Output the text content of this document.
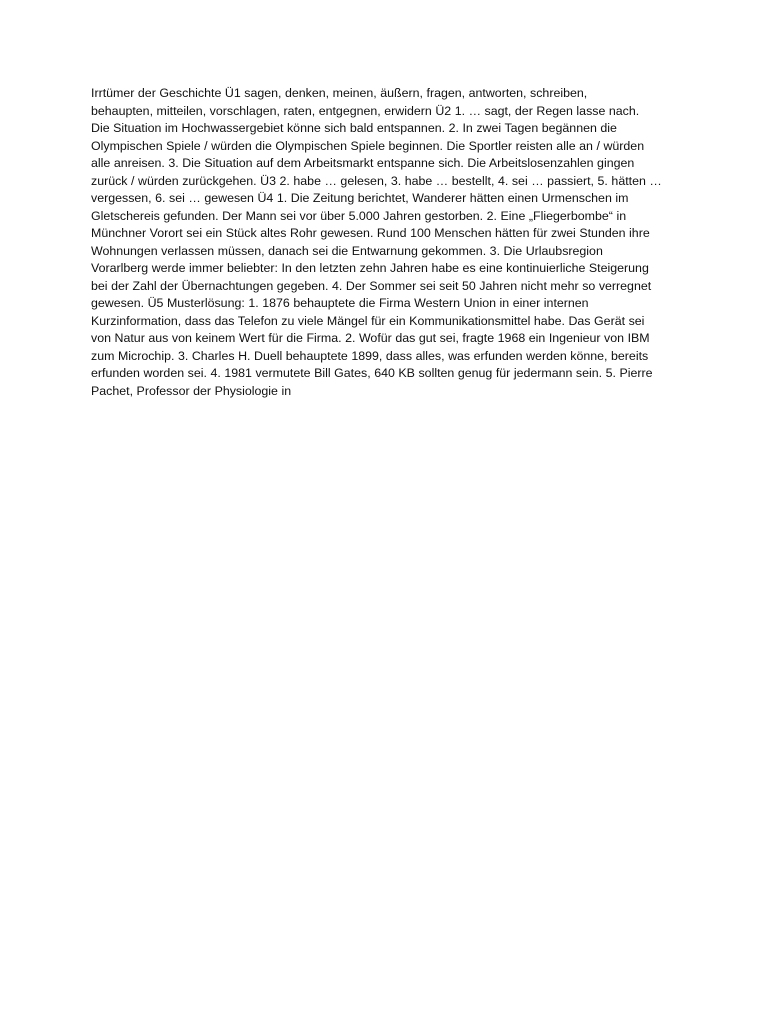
Irrtümer der Geschichte Ü1 sagen, denken, meinen, äußern, fragen, antworten, schreiben,
behaupten, mitteilen, vorschlagen, raten, entgegnen, erwidern Ü2 1. … sagt, der Regen lasse nach.
Die Situation im Hochwassergebiet könne sich bald entspannen. 2. In zwei Tagen begännen die
Olympischen Spiele / würden die Olympischen Spiele beginnen. Die Sportler reisten alle an / würden
alle anreisen. 3. Die Situation auf dem Arbeitsmarkt entspanne sich. Die Arbeitslosenzahlen gingen
zurück / würden zurückgehen. Ü3 2. habe … gelesen, 3. habe … bestellt, 4. sei … passiert, 5. hätten …
vergessen, 6. sei … gewesen Ü4 1. Die Zeitung berichtet, Wanderer hätten einen Urmenschen im
Gletschereis gefunden. Der Mann sei vor über 5.000 Jahren gestorben. 2. Eine „Fliegerbombe“ in
Münchner Vorort sei ein Stück altes Rohr gewesen. Rund 100 Menschen hätten für zwei Stunden ihre
Wohnungen verlassen müssen, danach sei die Entwarnung gekommen. 3. Die Urlaubsregion
Vorarlberg werde immer beliebter: In den letzten zehn Jahren habe es eine kontinuierliche Steigerung
bei der Zahl der Übernachtungen gegeben. 4. Der Sommer sei seit 50 Jahren nicht mehr so verregnet
gewesen. Ü5 Musterlösung: 1. 1876 behauptete die Firma Western Union in einer internen
Kurzinformation, dass das Telefon zu viele Mängel für ein Kommunikationsmittel habe. Das Gerät sei
von Natur aus von keinem Wert für die Firma. 2. Wofür das gut sei, fragte 1968 ein Ingenieur von IBM
zum Microchip. 3. Charles H. Duell behauptete 1899, dass alles, was erfunden werden könne, bereits
erfunden worden sei. 4. 1981 vermutete Bill Gates, 640 KB sollten genug für jedermann sein. 5. Pierre
Pachet, Professor der Physiologie in
